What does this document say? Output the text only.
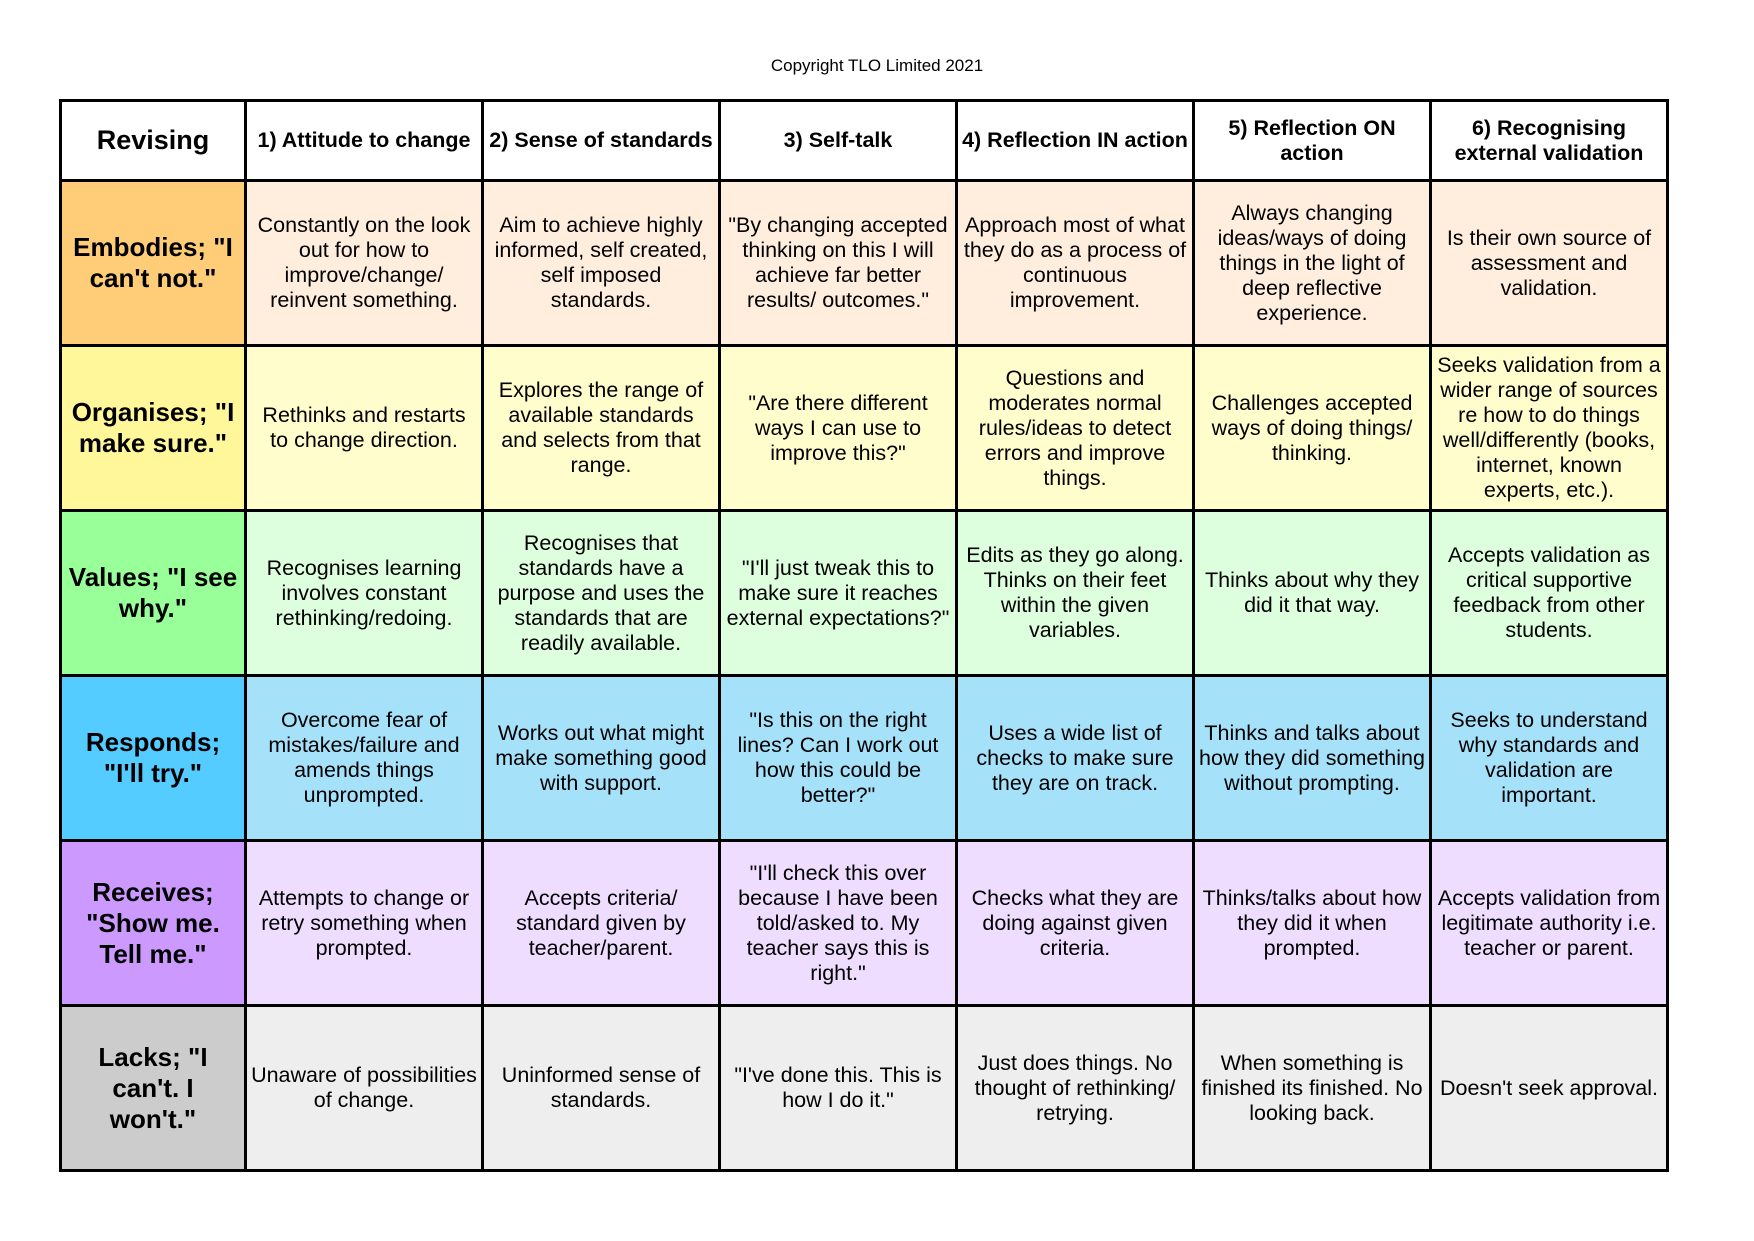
Copyright TLO Limited 2021
Revising	1) Attitude to change	2) Sense of standards	3) Self-talk	4) Reflection IN action	5) Reflection ON action	6) Recognising external validation
Embodies; "I can't not."	Constantly on the look out for how to improve/change/ reinvent something.	Aim to achieve highly informed, self created, self imposed standards.	"By changing accepted thinking on this I will achieve far better results/ outcomes."	Approach most of what they do as a process of continuous improvement.	Always changing ideas/ways of doing things in the light of deep reflective experience.	Is their own source of assessment and validation.
Organises; "I make sure."	Rethinks and restarts to change direction.	Explores the range of available standards and selects from that range.	"Are there different ways I can use to improve this?"	Questions and moderates normal rules/ideas to detect errors and improve things.	Challenges accepted ways of doing things/ thinking.	Seeks validation from a wider range of sources re how to do things well/differently (books, internet, known experts, etc.).
Values; "I see why."	Recognises learning involves constant rethinking/redoing.	Recognises that standards have a purpose and uses the standards that are readily available.	"I'll just tweak this to make sure it reaches external expectations?"	Edits as they go along. Thinks on their feet within the given variables.	Thinks about why they did it that way.	Accepts validation as critical supportive feedback from other students.
Responds; "I'll try."	Overcome fear of mistakes/failure and amends things unprompted.	Works out what might make something good with support.	"Is this on the right lines? Can I work out how this could be better?"	Uses a wide list of checks to make sure they are on track.	Thinks and talks about how they did something without prompting.	Seeks to understand why standards and validation are important.
Receives; "Show me. Tell me."	Attempts to change or retry something when prompted.	Accepts criteria/ standard given by teacher/parent.	"I'll check this over because I have been told/asked to. My teacher says this is right."	Checks what they are doing against given criteria.	Thinks/talks about how they did it when prompted.	Accepts validation from legitimate authority i.e. teacher or parent.
Lacks; "I can't. I won't."	Unaware of possibilities of change.	Uninformed sense of standards.	"I've done this. This is how I do it."	Just does things. No thought of rethinking/ retrying.	When something is finished its finished. No looking back.	Doesn't seek approval.
